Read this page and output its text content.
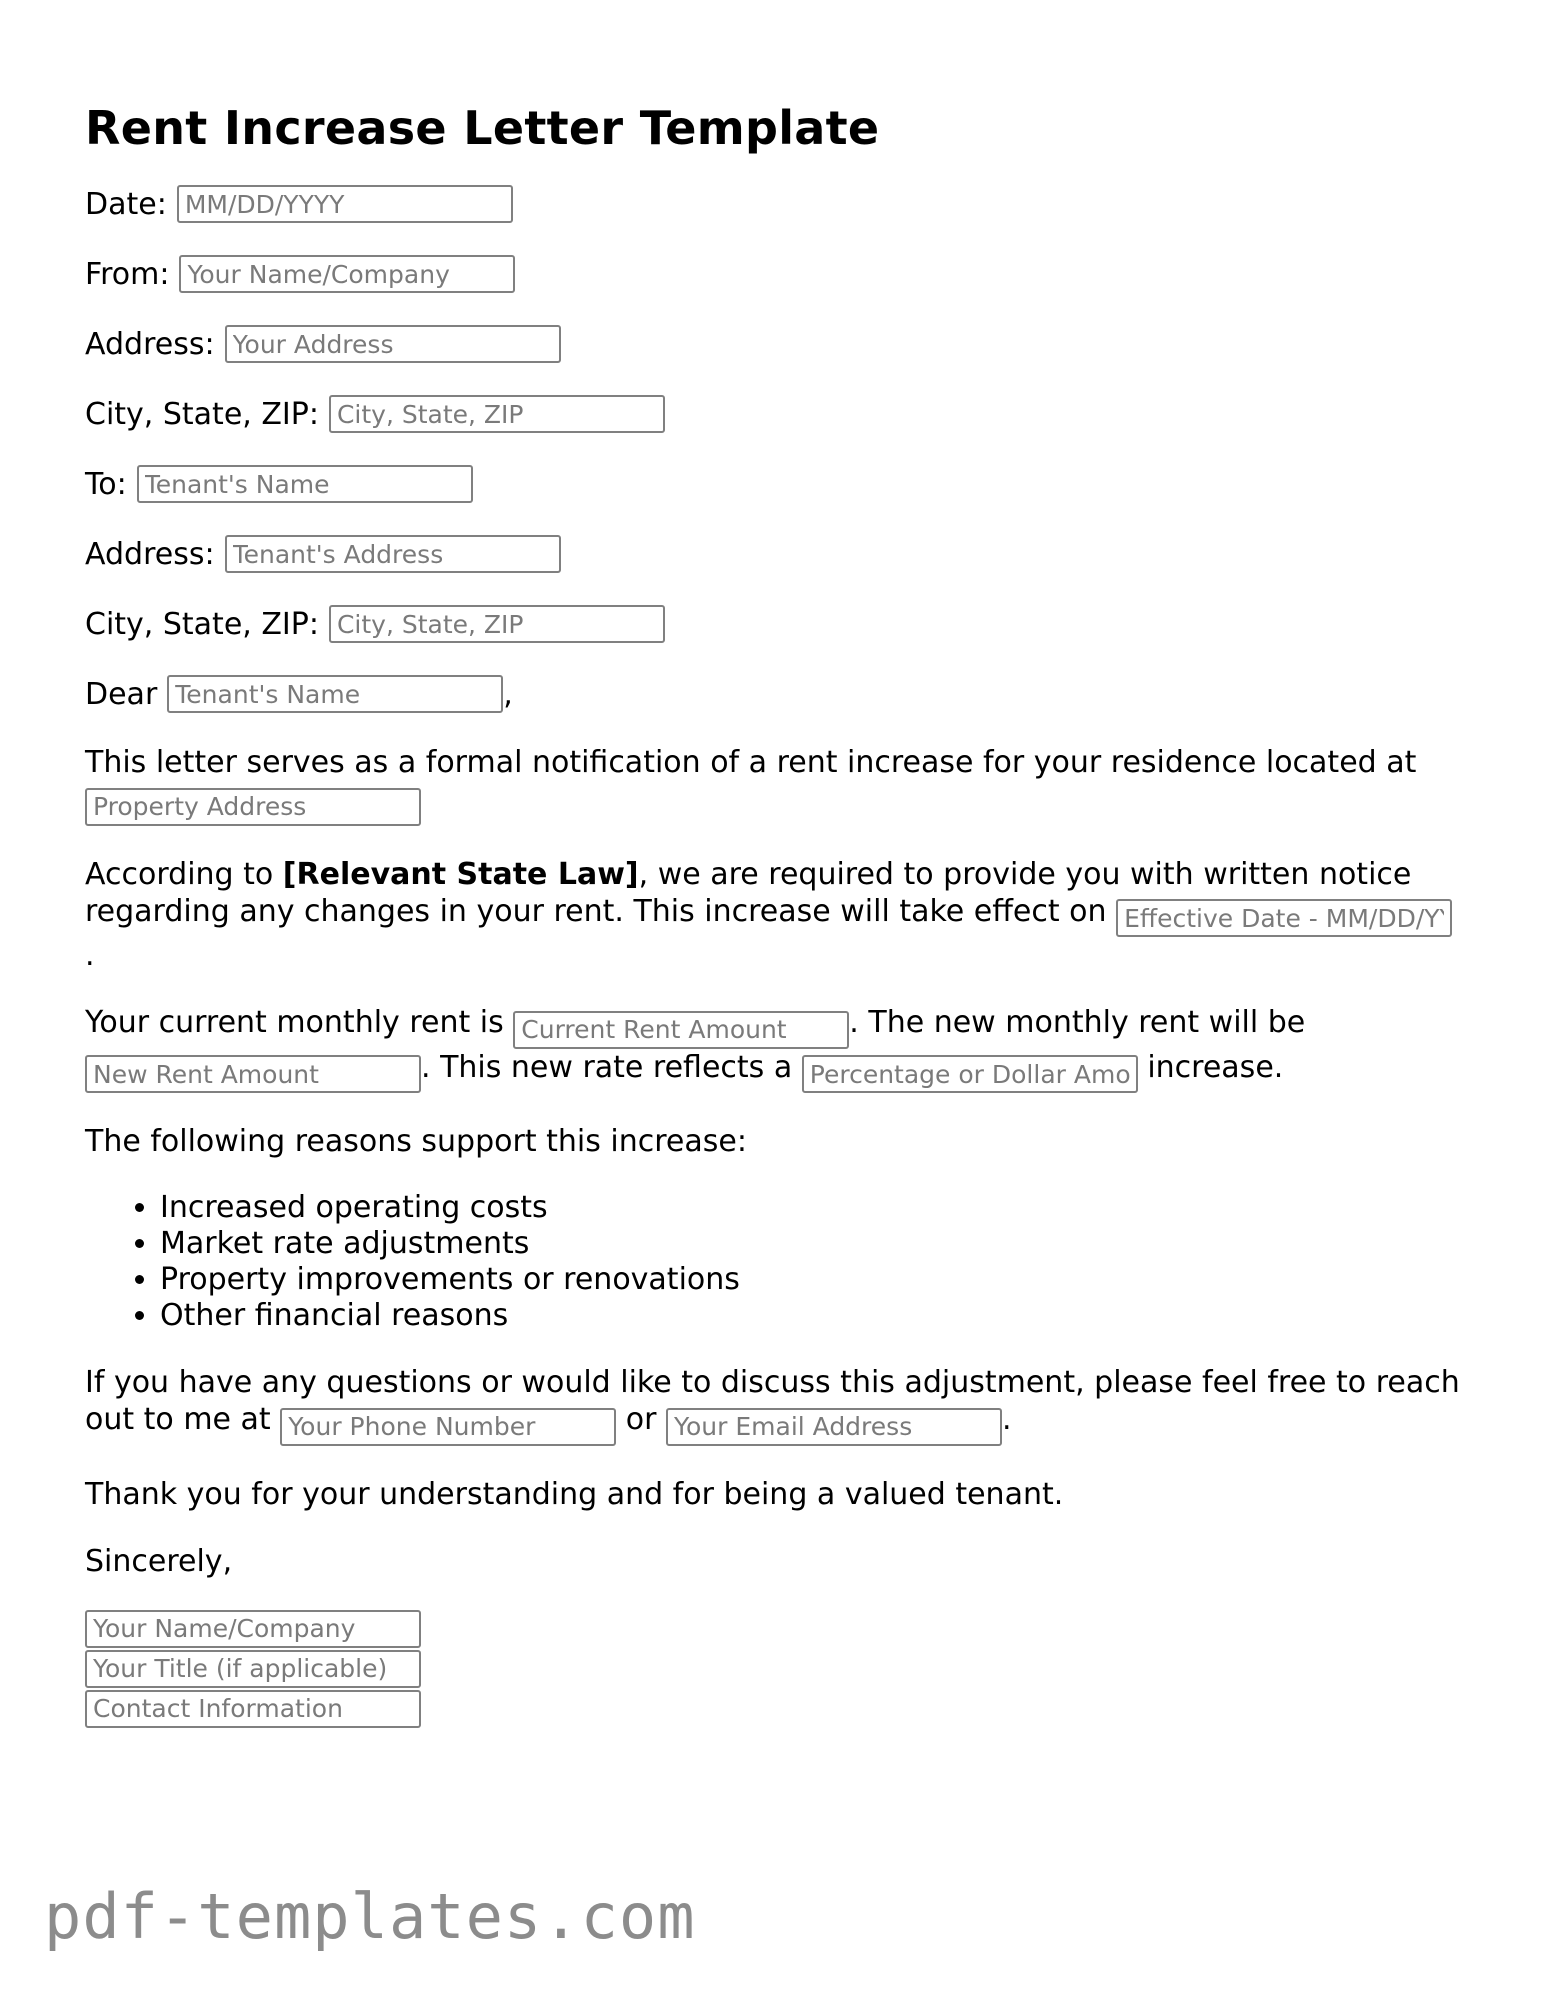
Rent Increase Letter Template
Date:
MM/DD/YYYY
From:
Your Name/Company
Address:
Your Address
City, State, ZIP:
City, State, ZIP
To:
Tenant's Name
Address:
Tenant's Address
City, State, ZIP:
City, State, ZIP
Dear
Tenant's Name	,

This letter serves as a formal notification of a rent increase for your residence located at
Property Address

According to [Relevant State Law], we are required to provide you with written notice regarding any changes in your rent. This increase will take effect on Effective Date - MM/DD/YY
.

Your current monthly rent is Current Rent Amount	. The new monthly rent will be
New Rent Amount. This new rate reflects a Percentage or Dollar Amount	increase.

The following reasons support this increase:

• Increased operating costs
• Market rate adjustments
• Property improvements or renovations
• Other financial reasons

If you have any questions or would like to discuss this adjustment, please feel free to reach out to me at Your Phone Number	or Your Email Address	.

Thank you for your understanding and for being a valued tenant.

Sincerely,

Your Name/Company
Your Title (if applicable)
Contact Information
pdf-templates.com
